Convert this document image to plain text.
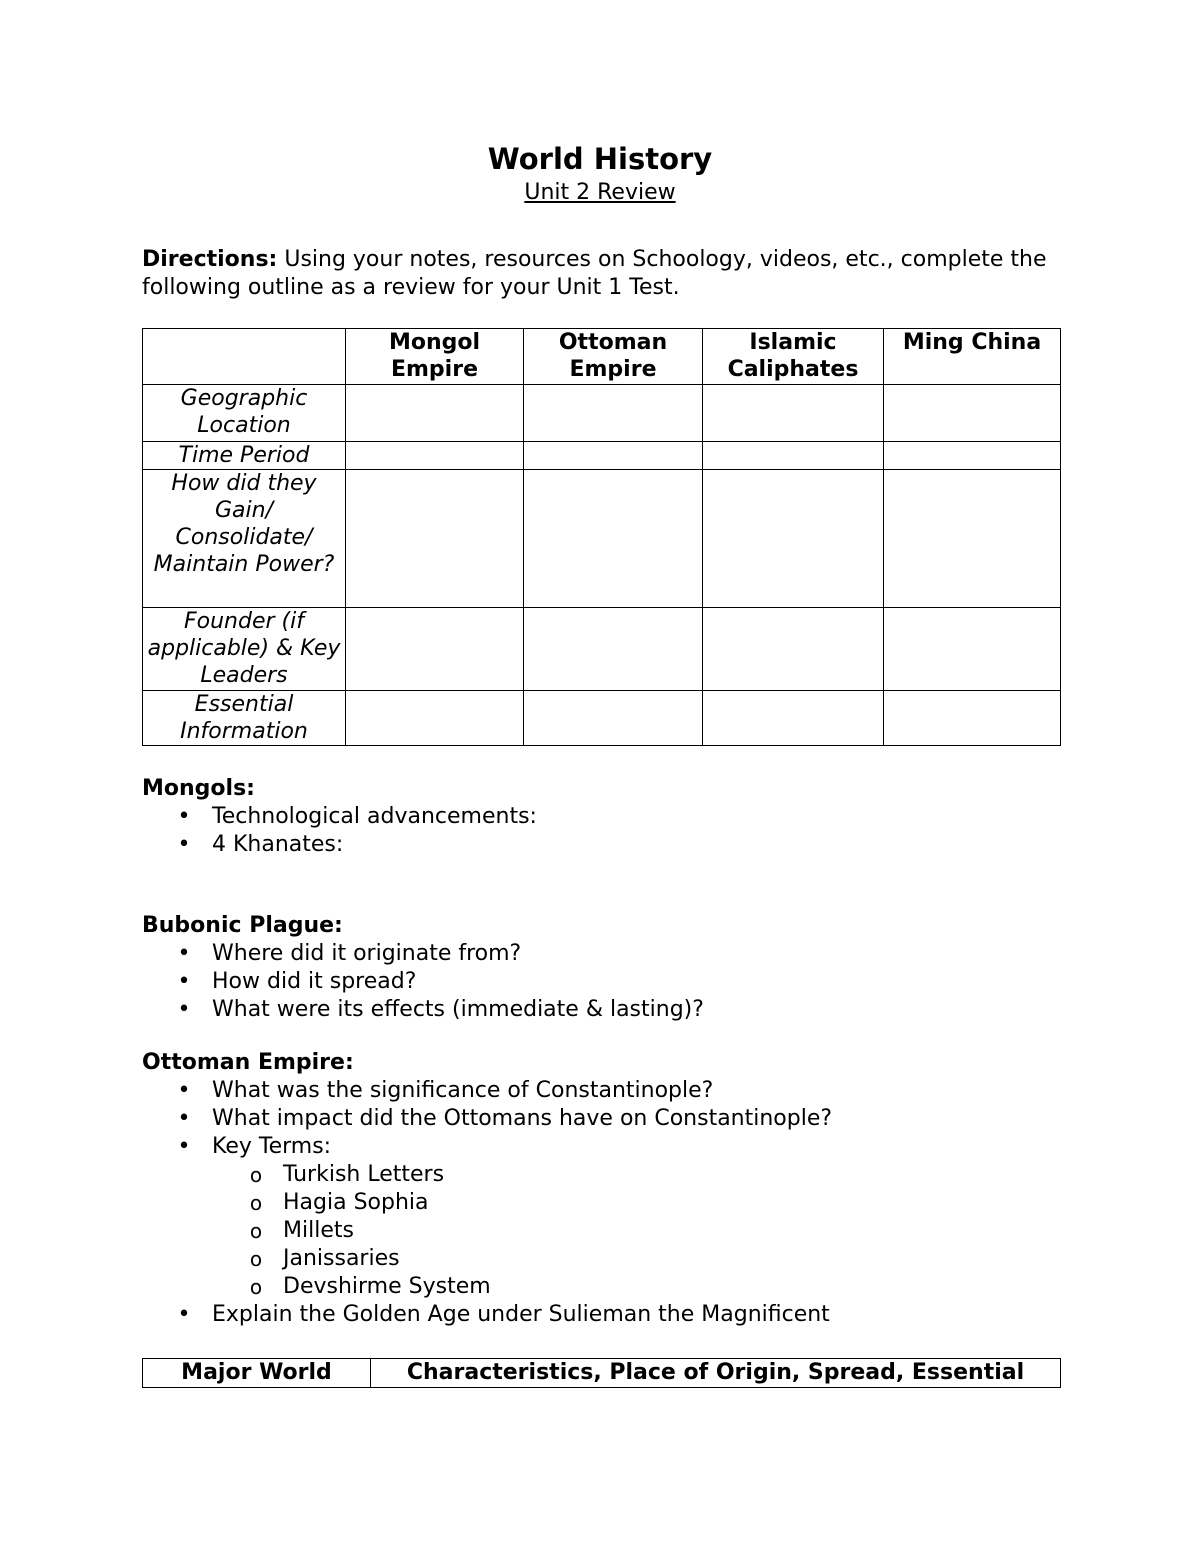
World History
Unit 2 Review
Directions: Using your notes, resources on Schoology, videos, etc., complete the following outline as a review for your Unit 1 Test.
	Mongol Empire	Ottoman Empire	Islamic Caliphates	Ming China
Geographic Location				
Time Period				
How did they Gain/ Consolidate/ Maintain Power?				
Founder (if applicable) & Key Leaders				
Essential Information				
Mongols:
• Technological advancements:
• 4 Khanates:
Bubonic Plague:
• Where did it originate from?
• How did it spread?
• What were its effects (immediate & lasting)?
Ottoman Empire:
• What was the significance of Constantinople?
• What impact did the Ottomans have on Constantinople?
• Key Terms:
o Turkish Letters
o Hagia Sophia
o Millets
o Janissaries
o Devshirme System
• Explain the Golden Age under Sulieman the Magnificent
Major World	Characteristics, Place of Origin, Spread, Essential
